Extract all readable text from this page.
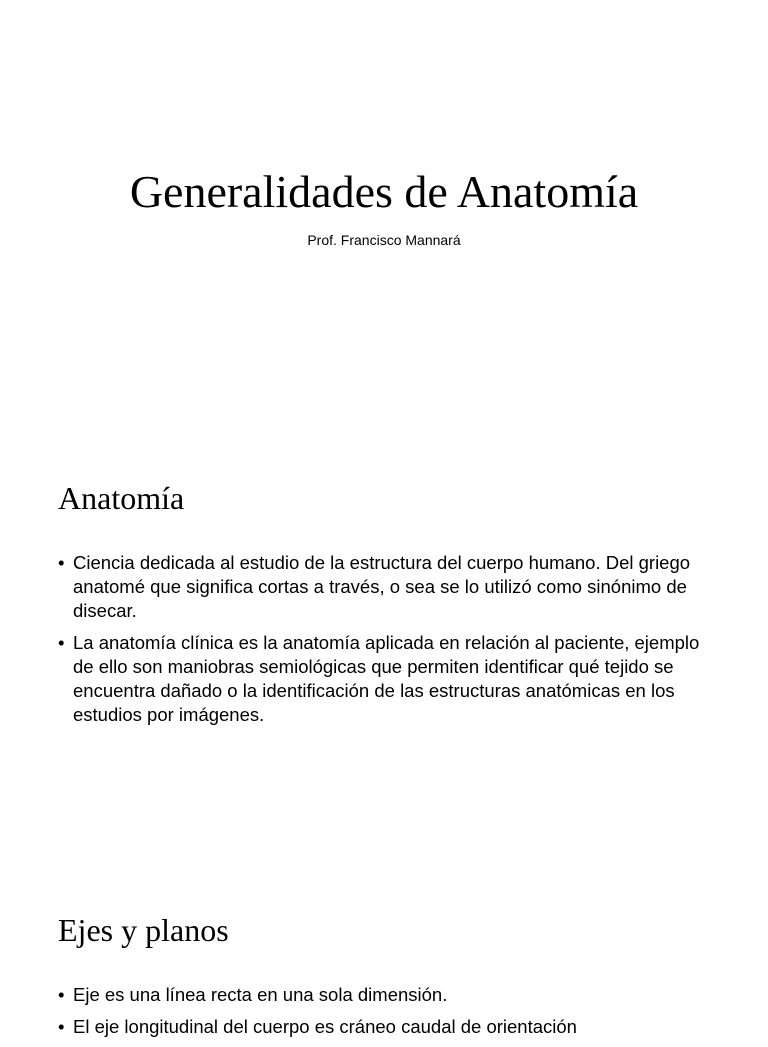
Generalidades de Anatomía

Prof. Francisco Mannará

Anatomía
• Ciencia dedicada al estudio de la estructura del cuerpo humano. Del griego anatomé que significa cortas a través, o sea se lo utilizó como sinónimo de disecar.
• La anatomía clínica es la anatomía aplicada en relación al paciente, ejemplo de ello son maniobras semiológicas que permiten identificar qué tejido se encuentra dañado o la identificación de las estructuras anatómicas en los estudios por imágenes.
Ejes y planos
• Eje es una línea recta en una sola dimensión.
• El eje longitudinal del cuerpo es cráneo caudal de orientación
